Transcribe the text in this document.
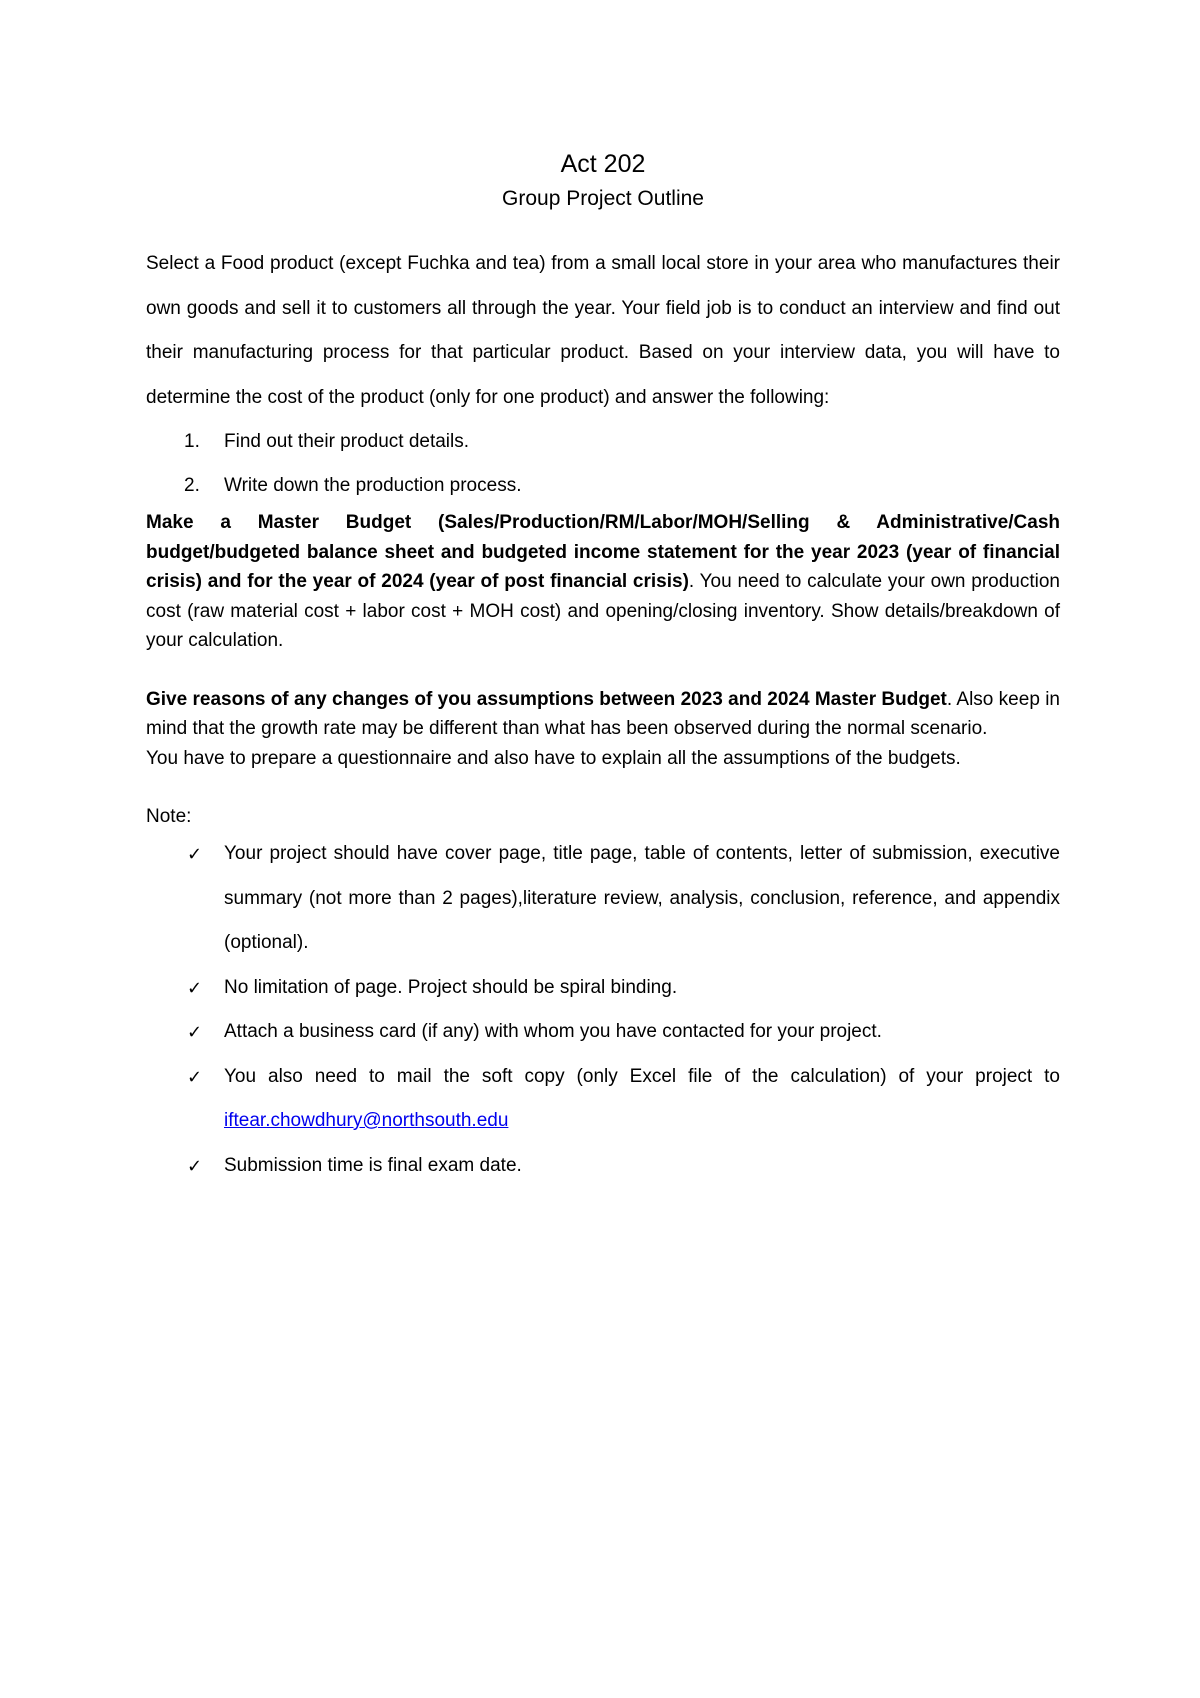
Act 202

Group Project Outline

Select a Food product (except Fuchka and tea) from a small local store in your area who manufactures their own goods and sell it to customers all through the year. Your field job is to conduct an interview and find out their manufacturing process for that particular product. Based on your interview data, you will have to determine the cost of the product (only for one product) and answer the following:

1. Find out their product details.
2. Write down the production process.

Make a Master Budget (Sales/Production/RM/Labor/MOH/Selling & Administrative/Cash budget/budgeted balance sheet and budgeted income statement for the year 2023 (year of financial crisis) and for the year of 2024 (year of post financial crisis). You need to calculate your own production cost (raw material cost + labor cost + MOH cost) and opening/closing inventory. Show details/breakdown of your calculation.

Give reasons of any changes of you assumptions between 2023 and 2024 Master Budget. Also keep in mind that the growth rate may be different than what has been observed during the normal scenario.

You have to prepare a questionnaire and also have to explain all the assumptions of the budgets.

Note:

✓ Your project should have cover page, title page, table of contents, letter of submission, executive summary (not more than 2 pages),literature review, analysis, conclusion, reference, and appendix (optional).
✓ No limitation of page. Project should be spiral binding.
✓ Attach a business card (if any) with whom you have contacted for your project.
✓ You also need to mail the soft copy (only Excel file of the calculation) of your project to iftear.chowdhury@northsouth.edu
✓ Submission time is final exam date.
